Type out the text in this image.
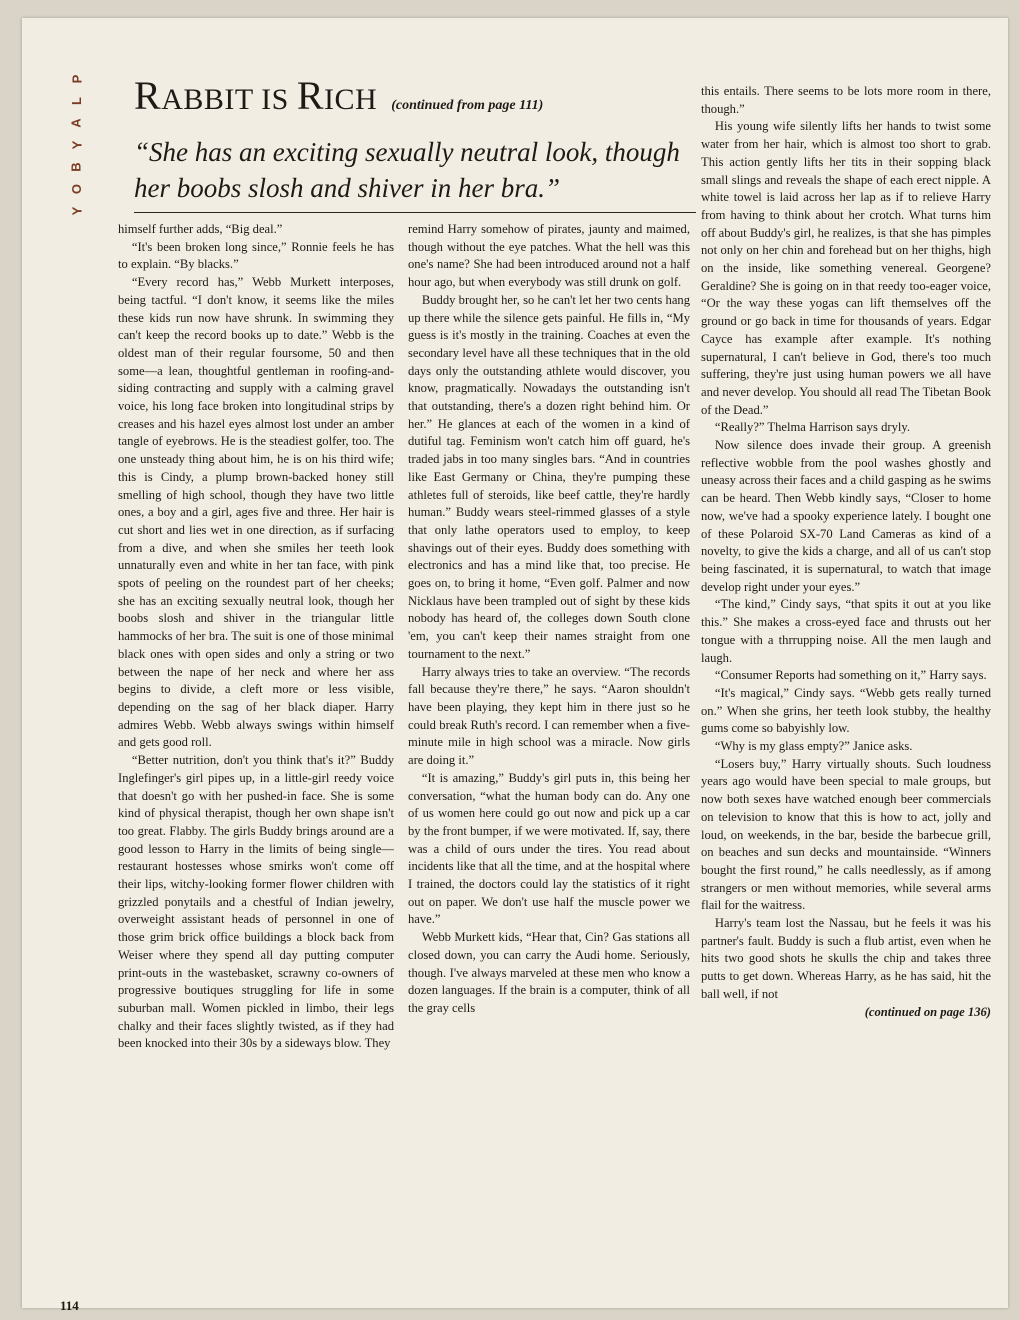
P
L
A
Y
B
O
Y
RABBIT IS RICH (continued from page 111)
“She has an exciting sexually neutral look, though her boobs slosh and shiver in her bra.”

himself further adds, “Big deal.”

“It's been broken long since,” Ronnie feels he has to explain. “By blacks.”

“Every record has,” Webb Murkett interposes, being tactful. “I don't know, it seems like the miles these kids run now have shrunk. In swimming they can't keep the record books up to date.” Webb is the oldest man of their regular foursome, 50 and then some—a lean, thoughtful gentleman in roofing-and-siding contracting and supply with a calming gravel voice, his long face broken into longitudinal strips by creases and his hazel eyes almost lost under an amber tangle of eyebrows. He is the steadiest golfer, too. The one unsteady thing about him, he is on his third wife; this is Cindy, a plump brown-backed honey still smelling of high school, though they have two little ones, a boy and a girl, ages five and three. Her hair is cut short and lies wet in one direction, as if surfacing from a dive, and when she smiles her teeth look unnaturally even and white in her tan face, with pink spots of peeling on the roundest part of her cheeks; she has an exciting sexually neutral look, though her boobs slosh and shiver in the triangular little hammocks of her bra. The suit is one of those minimal black ones with open sides and only a string or two between the nape of her neck and where her ass begins to divide, a cleft more or less visible, depending on the sag of her black diaper. Harry admires Webb. Webb always swings within himself and gets good roll.

“Better nutrition, don't you think that's it?” Buddy Inglefinger's girl pipes up, in a little-girl reedy voice that doesn't go with her pushed-in face. She is some kind of physical therapist, though her own shape isn't too great. Flabby. The girls Buddy brings around are a good lesson to Harry in the limits of being single—restaurant hostesses whose smirks won't come off their lips, witchy-looking former flower children with grizzled ponytails and a chestful of Indian jewelry, overweight assistant heads of personnel in one of those grim brick office buildings a block back from Weiser where they spend all day putting computer print-outs in the wastebasket, scrawny co-owners of progressive boutiques struggling for life in some suburban mall. Women pickled in limbo, their legs chalky and their faces slightly twisted, as if they had been knocked into their 30s by a sideways blow. They

remind Harry somehow of pirates, jaunty and maimed, though without the eye patches. What the hell was this one's name? She had been introduced around not a half hour ago, but when everybody was still drunk on golf.

Buddy brought her, so he can't let her two cents hang up there while the silence gets painful. He fills in, “My guess is it's mostly in the training. Coaches at even the secondary level have all these techniques that in the old days only the outstanding athlete would discover, you know, pragmatically. Nowadays the outstanding isn't that outstanding, there's a dozen right behind him. Or her.” He glances at each of the women in a kind of dutiful tag. Feminism won't catch him off guard, he's traded jabs in too many singles bars. “And in countries like East Germany or China, they're pumping these athletes full of steroids, like beef cattle, they're hardly human.” Buddy wears steel-rimmed glasses of a style that only lathe operators used to employ, to keep shavings out of their eyes. Buddy does something with electronics and has a mind like that, too precise. He goes on, to bring it home, “Even golf. Palmer and now Nicklaus have been trampled out of sight by these kids nobody has heard of, the colleges down South clone 'em, you can't keep their names straight from one tournament to the next.”

Harry always tries to take an overview. “The records fall because they're there,” he says. “Aaron shouldn't have been playing, they kept him in there just so he could break Ruth's record. I can remember when a five-minute mile in high school was a miracle. Now girls are doing it.”

“It is amazing,” Buddy's girl puts in, this being her conversation, “what the human body can do. Any one of us women here could go out now and pick up a car by the front bumper, if we were motivated. If, say, there was a child of ours under the tires. You read about incidents like that all the time, and at the hospital where I trained, the doctors could lay the statistics of it right out on paper. We don't use half the muscle power we have.”

Webb Murkett kids, “Hear that, Cin? Gas stations all closed down, you can carry the Audi home. Seriously, though. I've always marveled at these men who know a dozen languages. If the brain is a computer, think of all the gray cells

this entails. There seems to be lots more room in there, though.”

His young wife silently lifts her hands to twist some water from her hair, which is almost too short to grab. This action gently lifts her tits in their sopping black small slings and reveals the shape of each erect nipple. A white towel is laid across her lap as if to relieve Harry from having to think about her crotch. What turns him off about Buddy's girl, he realizes, is that she has pimples not only on her chin and forehead but on her thighs, high on the inside, like something venereal. Georgene? Geraldine? She is going on in that reedy too-eager voice, “Or the way these yogas can lift themselves off the ground or go back in time for thousands of years. Edgar Cayce has example after example. It's nothing supernatural, I can't believe in God, there's too much suffering, they're just using human powers we all have and never develop. You should all read The Tibetan Book of the Dead.”

“Really?” Thelma Harrison says dryly.

Now silence does invade their group. A greenish reflective wobble from the pool washes ghostly and uneasy across their faces and a child gasping as he swims can be heard. Then Webb kindly says, “Closer to home now, we've had a spooky experience lately. I bought one of these Polaroid SX-70 Land Cameras as kind of a novelty, to give the kids a charge, and all of us can't stop being fascinated, it is supernatural, to watch that image develop right under your eyes.”

“The kind,” Cindy says, “that spits it out at you like this.” She makes a cross-eyed face and thrusts out her tongue with a thrrupping noise. All the men laugh and laugh.

“Consumer Reports had something on it,” Harry says.

“It's magical,” Cindy says. “Webb gets really turned on.” When she grins, her teeth look stubby, the healthy gums come so babyishly low.

“Why is my glass empty?” Janice asks.

“Losers buy,” Harry virtually shouts. Such loudness years ago would have been special to male groups, but now both sexes have watched enough beer commercials on television to know that this is how to act, jolly and loud, on weekends, in the bar, beside the barbecue grill, on beaches and sun decks and mountainside. “Winners bought the first round,” he calls needlessly, as if among strangers or men without memories, while several arms flail for the waitress.

Harry's team lost the Nassau, but he feels it was his partner's fault. Buddy is such a flub artist, even when he hits two good shots he skulls the chip and takes three putts to get down. Whereas Harry, as he has said, hit the ball well, if not

(continued on page 136)

114
